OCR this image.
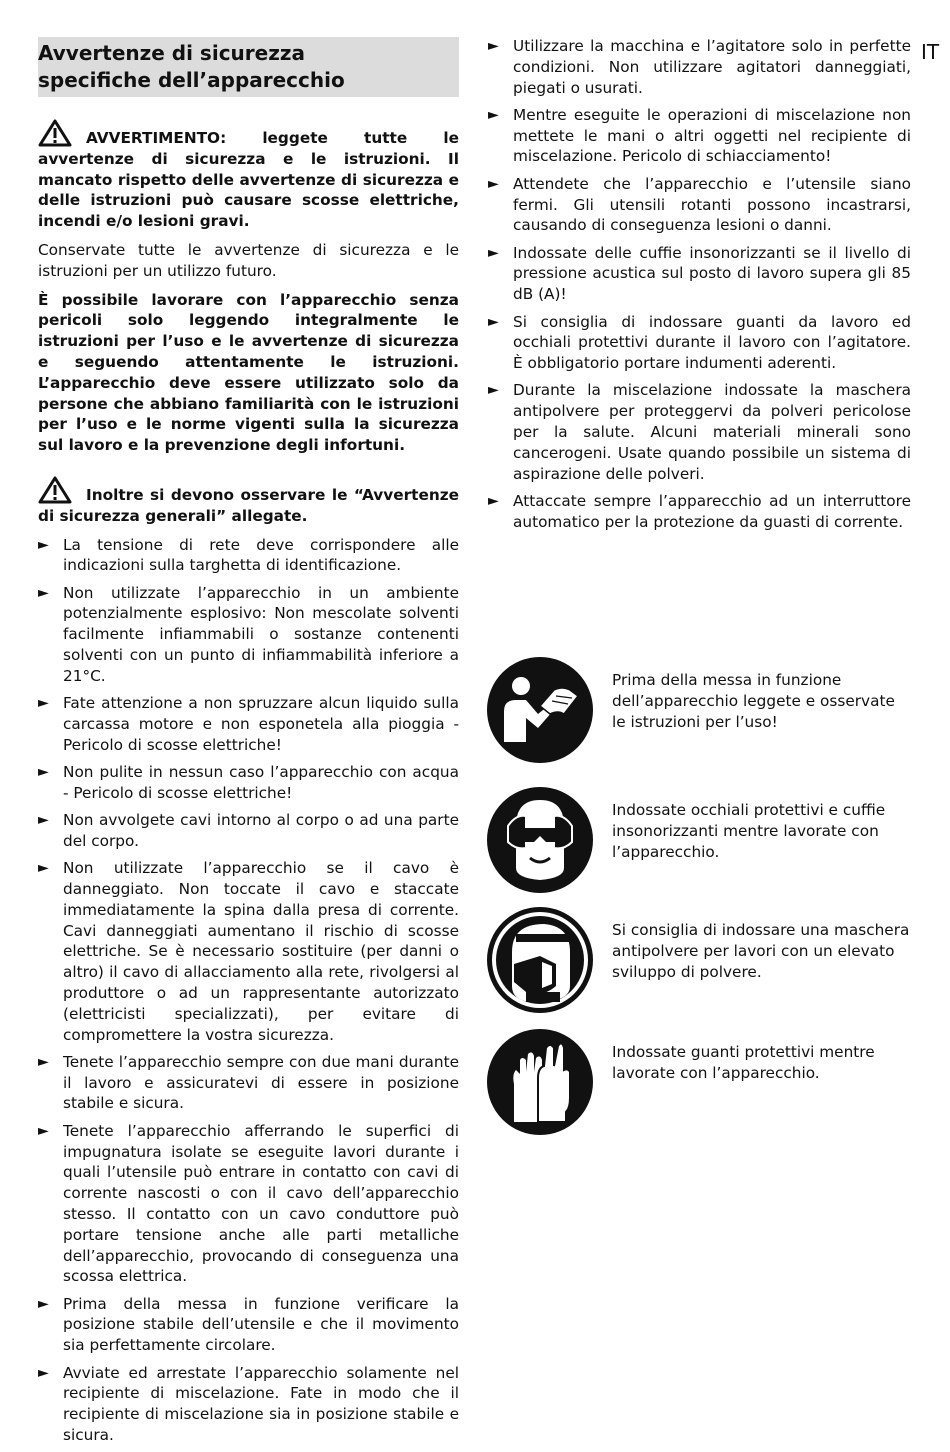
IT
Avvertenze di sicurezza
specifiche dell’apparecchio

AVVERTIMENTO: leggete tutte le avvertenze di sicurezza e le istruzioni. Il mancato rispetto delle avvertenze di sicurezza e delle istruzioni può causare scosse elettriche, incendi e/o lesioni gravi.

Conservate tutte le avvertenze di sicurezza e le istruzioni per un utilizzo futuro.

È possibile lavorare con l’apparecchio senza pericoli solo leggendo integralmente le istruzioni per l’uso e le avvertenze di sicurezza e seguendo attentamente le istruzioni. L’apparecchio deve essere utilizzato solo da persone che abbiano familiarità con le istruzioni per l’uso e le norme vigenti sulla la sicurezza sul lavoro e la prevenzione degli infortuni.

Inoltre si devono osservare le “Avvertenze di sicurezza generali” allegate.

► La tensione di rete deve corrispondere alle indicazioni sulla targhetta di identificazione.
► Non utilizzate l’apparecchio in un ambiente potenzialmente esplosivo: Non mescolate solventi facilmente infiammabili o sostanze contenenti solventi con un punto di infiammabilità inferiore a 21°C.
► Fate attenzione a non spruzzare alcun liquido sulla carcassa motore e non esponetela alla pioggia - Pericolo di scosse elettriche!
► Non pulite in nessun caso l’apparecchio con acqua - Pericolo di scosse elettriche!
► Non avvolgete cavi intorno al corpo o ad una parte del corpo.
► Non utilizzate l’apparecchio se il cavo è danneggiato. Non toccate il cavo e staccate immediatamente la spina dalla presa di corrente. Cavi danneggiati aumentano il rischio di scosse elettriche. Se è necessario sostituire (per danni o altro) il cavo di allacciamento alla rete, rivolgersi al produttore o ad un rappresentante autorizzato (elettricisti specializzati), per evitare di compromettere la vostra sicurezza.
► Tenete l’apparecchio sempre con due mani durante il lavoro e assicuratevi di essere in posizione stabile e sicura.
► Tenete l’apparecchio afferrando le superfici di impugnatura isolate se eseguite lavori durante i quali l’utensile può entrare in contatto con cavi di corrente nascosti o con il cavo dell’apparecchio stesso. Il contatto con un cavo conduttore può portare tensione anche alle parti metalliche dell’apparecchio, provocando di conseguenza una scossa elettrica.
► Prima della messa in funzione verificare la posizione stabile dell’utensile e che il movimento sia perfettamente circolare.
► Avviate ed arrestate l’apparecchio solamente nel recipiente di miscelazione. Fate in modo che il recipiente di miscelazione sia in posizione stabile e sicura.
► Utilizzare la macchina e l’agitatore solo in perfette condizioni. Non utilizzare agitatori danneggiati, piegati o usurati.
► Mentre eseguite le operazioni di miscelazione non mettete le mani o altri oggetti nel recipiente di miscelazione. Pericolo di schiacciamento!
► Attendete che l’apparecchio e l’utensile siano fermi. Gli utensili rotanti possono incastrarsi, causando di conseguenza lesioni o danni.
► Indossate delle cuffie insonorizzanti se il livello di pressione acustica sul posto di lavoro supera gli 85 dB (A)!
► Si consiglia di indossare guanti da lavoro ed occhiali protettivi durante il lavoro con l’agitatore. È obbligatorio portare indumenti aderenti.
► Durante la miscelazione indossate la maschera antipolvere per proteggervi da polveri pericolose per la salute. Alcuni materiali minerali sono cancerogeni. Usate quando possibile un sistema di aspirazione delle polveri.
► Attaccate sempre l’apparecchio ad un interruttore automatico per la protezione da guasti di corrente.
Prima della messa in funzione dell’apparecchio leggete e osservate le istruzioni per l’uso!
Indossate occhiali protettivi e cuffie insonorizzanti mentre lavorate con l’apparecchio.
Si consiglia di indossare una maschera antipolvere per lavori con un elevato sviluppo di polvere.
Indossate guanti protettivi mentre lavorate con l’apparecchio.
